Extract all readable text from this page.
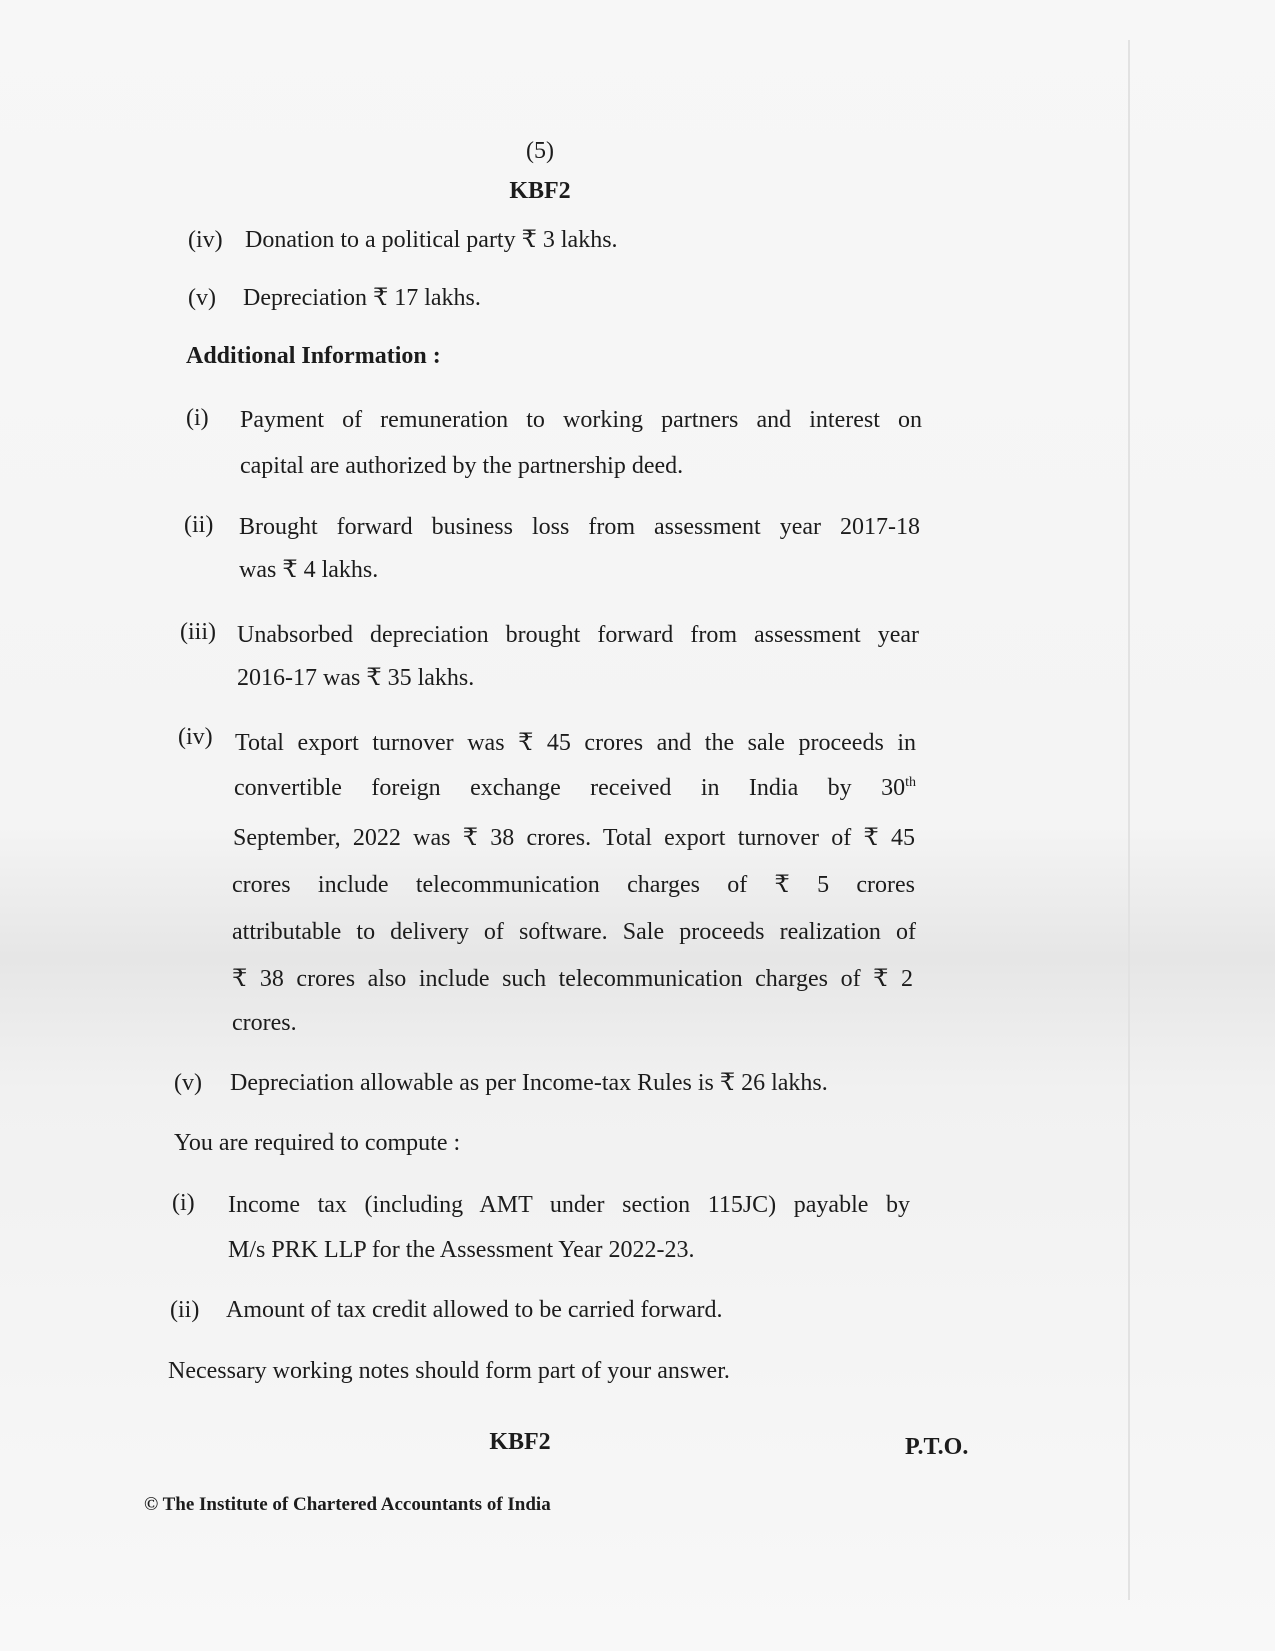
(5)
KBF2
(iv) Donation to a political party ₹ 3 lakhs.
(v) Depreciation ₹ 17 lakhs.
Additional Information :
(i) Payment of remuneration to working partners and interest on
capital are authorized by the partnership deed.
(ii) Brought forward business loss from assessment year 2017-18
was ₹ 4 lakhs.
(iii) Unabsorbed depreciation brought forward from assessment year
2016-17 was ₹ 35 lakhs.
(iv) Total export turnover was ₹ 45 crores and the sale proceeds in
convertible foreign exchange received in India by 30th
September, 2022 was ₹ 38 crores. Total export turnover of ₹ 45
crores include telecommunication charges of ₹ 5 crores
attributable to delivery of software. Sale proceeds realization of
₹ 38 crores also include such telecommunication charges of ₹ 2
crores.
(v) Depreciation allowable as per Income-tax Rules is ₹ 26 lakhs.
You are required to compute :
(i) Income tax (including AMT under section 115JC) payable by
M/s PRK LLP for the Assessment Year 2022-23.
(ii) Amount of tax credit allowed to be carried forward.
Necessary working notes should form part of your answer.
KBF2	P.T.O.
© The Institute of Chartered Accountants of India
